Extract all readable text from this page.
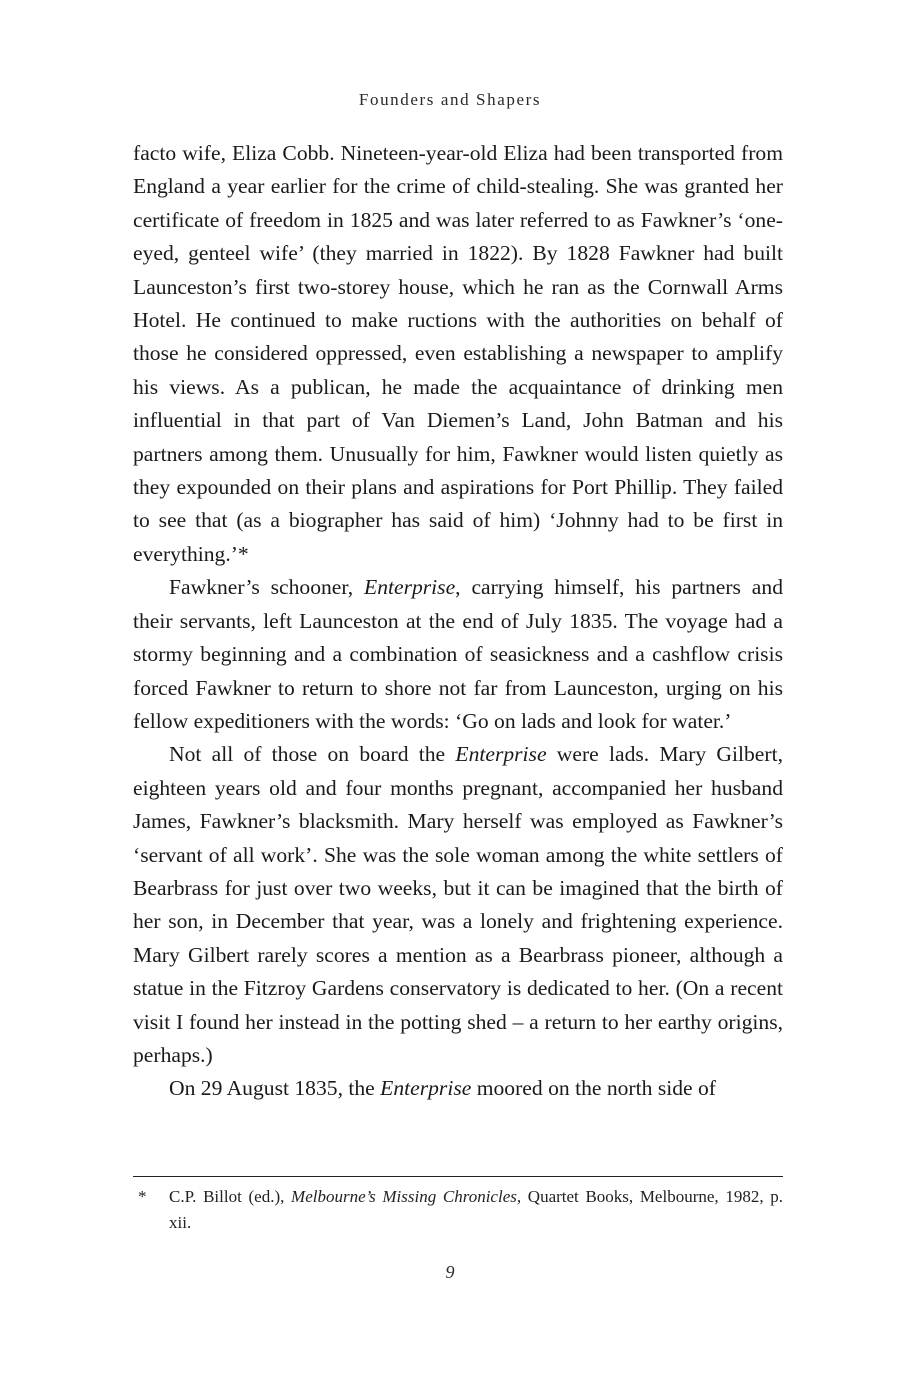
Founders and Shapers

facto wife, Eliza Cobb. Nineteen-year-old Eliza had been transported from England a year earlier for the crime of child-stealing. She was granted her certificate of freedom in 1825 and was later referred to as Fawkner’s ‘one-eyed, genteel wife’ (they married in 1822). By 1828 Fawkner had built Launceston’s first two-storey house, which he ran as the Cornwall Arms Hotel. He continued to make ructions with the authorities on behalf of those he considered oppressed, even establishing a newspaper to amplify his views. As a publican, he made the acquaintance of drinking men influential in that part of Van Diemen’s Land, John Batman and his partners among them. Unusually for him, Fawkner would listen quietly as they expounded on their plans and aspirations for Port Phillip. They failed to see that (as a biographer has said of him) ‘Johnny had to be first in everything.’*

Fawkner’s schooner, Enterprise, carrying himself, his partners and their servants, left Launceston at the end of July 1835. The voyage had a stormy beginning and a combination of seasickness and a cashflow crisis forced Fawkner to return to shore not far from Launceston, urging on his fellow expeditioners with the words: ‘Go on lads and look for water.’

Not all of those on board the Enterprise were lads. Mary Gilbert, eighteen years old and four months pregnant, accompanied her husband James, Fawkner’s blacksmith. Mary herself was employed as Fawkner’s ‘servant of all work’. She was the sole woman among the white settlers of Bearbrass for just over two weeks, but it can be imagined that the birth of her son, in December that year, was a lonely and frightening experience. Mary Gilbert rarely scores a mention as a Bearbrass pioneer, although a statue in the Fitzroy Gardens conservatory is dedicated to her. (On a recent visit I found her instead in the potting shed – a return to her earthy origins, perhaps.)

On 29 August 1835, the Enterprise moored on the north side of

* C.P. Billot (ed.), Melbourne’s Missing Chronicles, Quartet Books, Melbourne, 1982, p. xii.
9
